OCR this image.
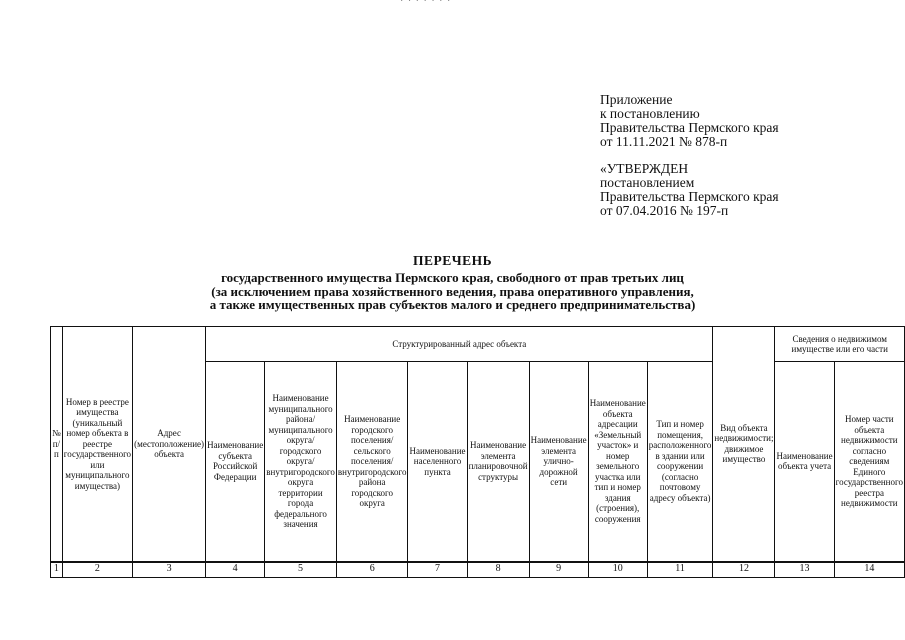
· · · · · · ·
Приложение
к постановлению
Правительства Пермского края
от 11.11.2021 № 878-п
«УТВЕРЖДЕН
постановлением
Правительства Пермского края
от 07.04.2016 № 197-п
ПЕРЕЧЕНЬ
государственного имущества Пермского края, свободного от прав третьих лиц
(за исключением права хозяйственного ведения, права оперативного управления,
а также имущественных прав субъектов малого и среднего предпринимательства)
№ п/п	Номер в реестре имущества (уникальный номер объекта в реестре государственного или муниципального имущества)	Адрес (местоположение) объекта	Структурированный адрес объекта								Вид объекта недвижимости; движимое имущество	Сведения о недвижимом имуществе или его части	
			Наименование субъекта Российской Федерации	Наименование муниципального района/ муниципального округа/ городского округа/ внутригородского округа территории города федерального значения	Наименование городского поселения/ сельского поселения/ внутригородского района городского округа	Наименование населенного пункта	Наименование элемента планировочной структуры	Наименование элемента улично-дорожной сети	Наименование объекта адресации «Земельный участок» и номер земельного участка или тип и номер здания (строения), сооружения	Тип и номер помещения, расположенного в здании или сооружении (согласно почтовому адресу объекта)		Наименование объекта учета	Номер части объекта недвижимости согласно сведениям Единого государственного реестра недвижимости
1	2	3	4	5	6	7	8	9	10	11	12	13	14
